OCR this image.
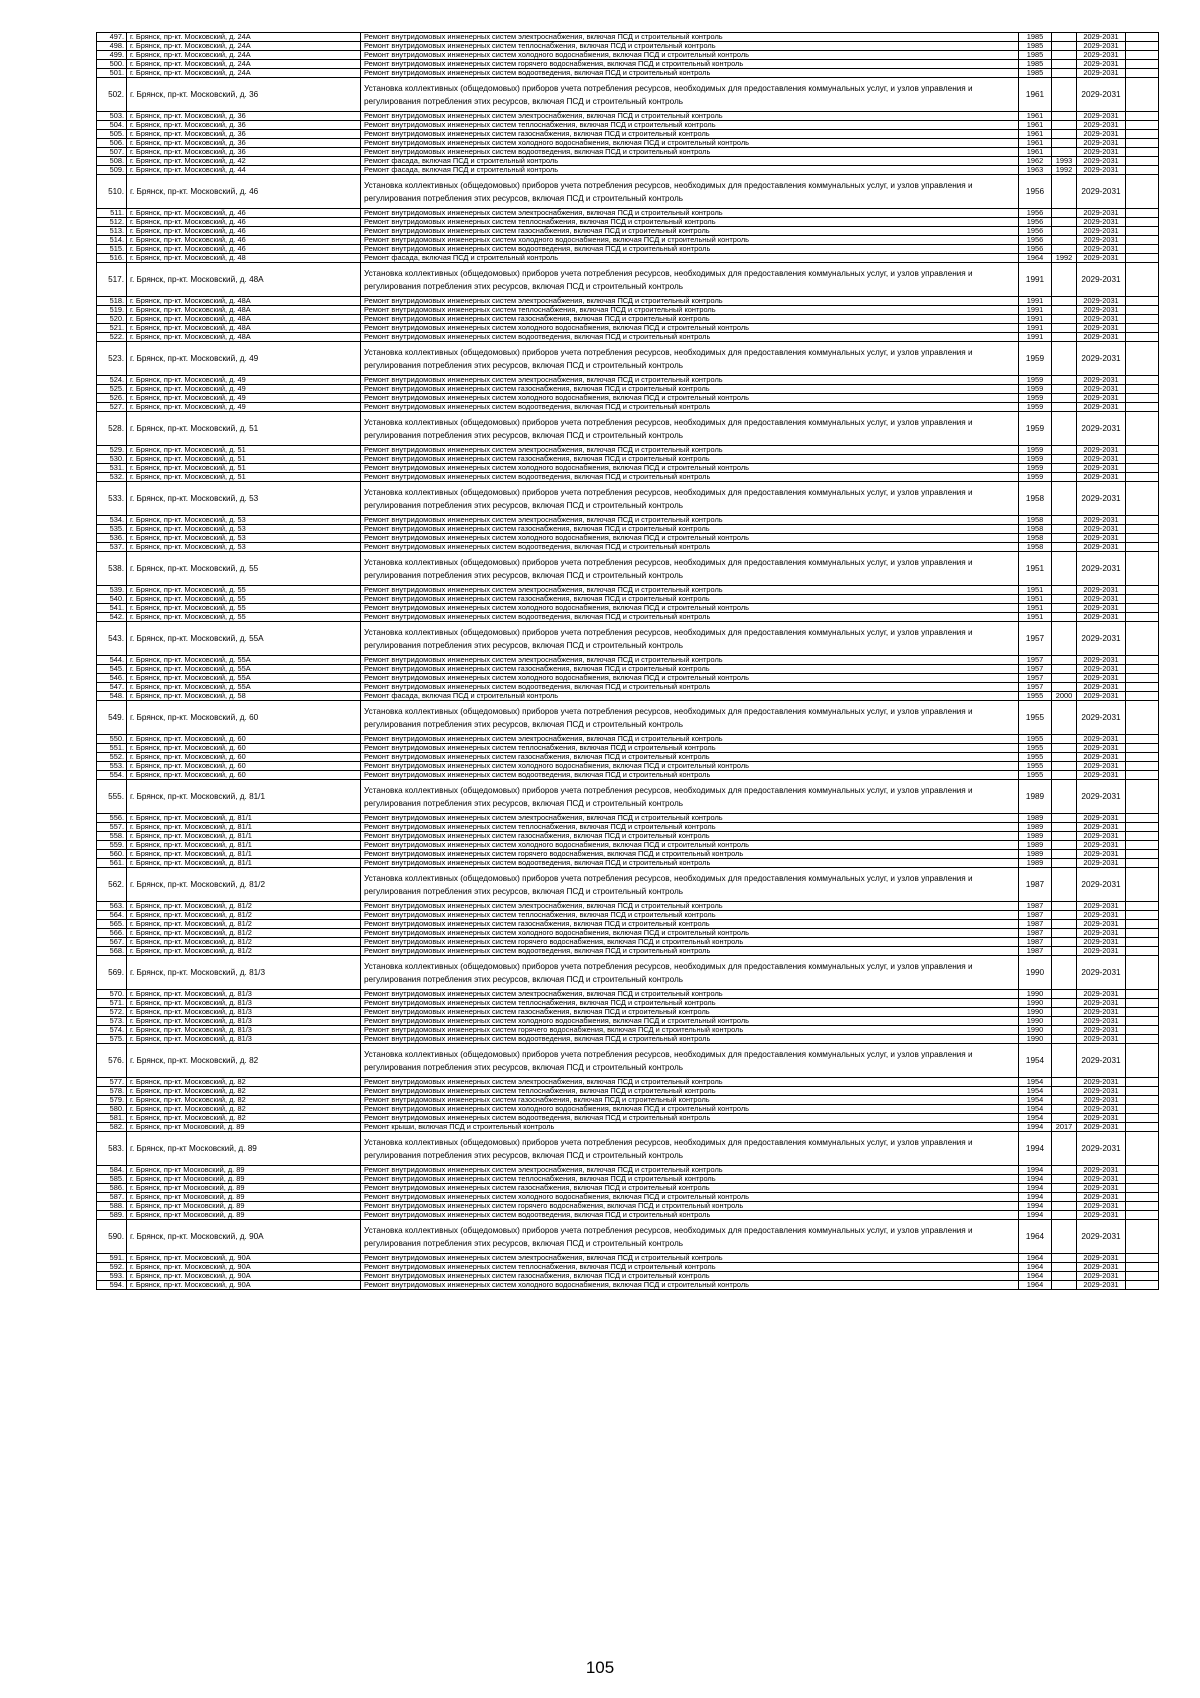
497.	г. Брянск, пр-кт. Московский, д. 24А	Ремонт внутридомовых инженерных систем электроснабжения, включая ПСД и строительный контроль	1985		2029-2031	
498.	г. Брянск, пр-кт. Московский, д. 24А	Ремонт внутридомовых инженерных систем теплоснабжения, включая ПСД и строительный контроль	1985		2029-2031	
499.	г. Брянск, пр-кт. Московский, д. 24А	Ремонт внутридомовых инженерных систем холодного водоснабжения, включая ПСД и строительный контроль	1985		2029-2031	
500.	г. Брянск, пр-кт. Московский, д. 24А	Ремонт внутридомовых инженерных систем горячего водоснабжения, включая ПСД и строительный контроль	1985		2029-2031	
501.	г. Брянск, пр-кт. Московский, д. 24А	Ремонт внутридомовых инженерных систем водоотведения, включая ПСД и строительный контроль	1985		2029-2031	
502.	г. Брянск, пр-кт. Московский, д. 36	Установка коллективных (общедомовых) приборов учета потребления ресурсов, необходимых для предоставления коммунальных услуг, и узлов управления и регулирования потребления этих ресурсов, включая ПСД и строительный контроль	1961		2029-2031	
503.	г. Брянск, пр-кт. Московский, д. 36	Ремонт внутридомовых инженерных систем электроснабжения, включая ПСД и строительный контроль	1961		2029-2031	
504.	г. Брянск, пр-кт. Московский, д. 36	Ремонт внутридомовых инженерных систем теплоснабжения, включая ПСД и строительный контроль	1961		2029-2031	
505.	г. Брянск, пр-кт. Московский, д. 36	Ремонт внутридомовых инженерных систем газоснабжения, включая ПСД и строительный контроль	1961		2029-2031	
506.	г. Брянск, пр-кт. Московский, д. 36	Ремонт внутридомовых инженерных систем холодного водоснабжения, включая ПСД и строительный контроль	1961		2029-2031	
507.	г. Брянск, пр-кт. Московский, д. 36	Ремонт внутридомовых инженерных систем водоотведения, включая ПСД и строительный контроль	1961		2029-2031	
508.	г. Брянск, пр-кт. Московский, д. 42	Ремонт фасада, включая ПСД и строительный контроль	1962	1993	2029-2031	
509.	г. Брянск, пр-кт. Московский, д. 44	Ремонт фасада, включая ПСД и строительный контроль	1963	1992	2029-2031	
510.	г. Брянск, пр-кт. Московский, д. 46	Установка коллективных (общедомовых) приборов учета потребления ресурсов, необходимых для предоставления коммунальных услуг, и узлов управления и регулирования потребления этих ресурсов, включая ПСД и строительный контроль	1956		2029-2031	
511.	г. Брянск, пр-кт. Московский, д. 46	Ремонт внутридомовых инженерных систем электроснабжения, включая ПСД и строительный контроль	1956		2029-2031	
512.	г. Брянск, пр-кт. Московский, д. 46	Ремонт внутридомовых инженерных систем теплоснабжения, включая ПСД и строительный контроль	1956		2029-2031	
513.	г. Брянск, пр-кт. Московский, д. 46	Ремонт внутридомовых инженерных систем газоснабжения, включая ПСД и строительный контроль	1956		2029-2031	
514.	г. Брянск, пр-кт. Московский, д. 46	Ремонт внутридомовых инженерных систем холодного водоснабжения, включая ПСД и строительный контроль	1956		2029-2031	
515.	г. Брянск, пр-кт. Московский, д. 46	Ремонт внутридомовых инженерных систем водоотведения, включая ПСД и строительный контроль	1956		2029-2031	
516.	г. Брянск, пр-кт. Московский, д. 48	Ремонт фасада, включая ПСД и строительный контроль	1964	1992	2029-2031	
517.	г. Брянск, пр-кт. Московский, д. 48А	Установка коллективных (общедомовых) приборов учета потребления ресурсов, необходимых для предоставления коммунальных услуг, и узлов управления и регулирования потребления этих ресурсов, включая ПСД и строительный контроль	1991		2029-2031	
518.	г. Брянск, пр-кт. Московский, д. 48А	Ремонт внутридомовых инженерных систем электроснабжения, включая ПСД и строительный контроль	1991		2029-2031	
519.	г. Брянск, пр-кт. Московский, д. 48А	Ремонт внутридомовых инженерных систем теплоснабжения, включая ПСД и строительный контроль	1991		2029-2031	
520.	г. Брянск, пр-кт. Московский, д. 48А	Ремонт внутридомовых инженерных систем газоснабжения, включая ПСД и строительный контроль	1991		2029-2031	
521.	г. Брянск, пр-кт. Московский, д. 48А	Ремонт внутридомовых инженерных систем холодного водоснабжения, включая ПСД и строительный контроль	1991		2029-2031	
522.	г. Брянск, пр-кт. Московский, д. 48А	Ремонт внутридомовых инженерных систем водоотведения, включая ПСД и строительный контроль	1991		2029-2031	
523.	г. Брянск, пр-кт. Московский, д. 49	Установка коллективных (общедомовых) приборов учета потребления ресурсов, необходимых для предоставления коммунальных услуг, и узлов управления и регулирования потребления этих ресурсов, включая ПСД и строительный контроль	1959		2029-2031	
524.	г. Брянск, пр-кт. Московский, д. 49	Ремонт внутридомовых инженерных систем электроснабжения, включая ПСД и строительный контроль	1959		2029-2031	
525.	г. Брянск, пр-кт. Московский, д. 49	Ремонт внутридомовых инженерных систем газоснабжения, включая ПСД и строительный контроль	1959		2029-2031	
526.	г. Брянск, пр-кт. Московский, д. 49	Ремонт внутридомовых инженерных систем холодного водоснабжения, включая ПСД и строительный контроль	1959		2029-2031	
527.	г. Брянск, пр-кт. Московский, д. 49	Ремонт внутридомовых инженерных систем водоотведения, включая ПСД и строительный контроль	1959		2029-2031	
528.	г. Брянск, пр-кт. Московский, д. 51	Установка коллективных (общедомовых) приборов учета потребления ресурсов, необходимых для предоставления коммунальных услуг, и узлов управления и регулирования потребления этих ресурсов, включая ПСД и строительный контроль	1959		2029-2031	
529.	г. Брянск, пр-кт. Московский, д. 51	Ремонт внутридомовых инженерных систем электроснабжения, включая ПСД и строительный контроль	1959		2029-2031	
530.	г. Брянск, пр-кт. Московский, д. 51	Ремонт внутридомовых инженерных систем газоснабжения, включая ПСД и строительный контроль	1959		2029-2031	
531.	г. Брянск, пр-кт. Московский, д. 51	Ремонт внутридомовых инженерных систем холодного водоснабжения, включая ПСД и строительный контроль	1959		2029-2031	
532.	г. Брянск, пр-кт. Московский, д. 51	Ремонт внутридомовых инженерных систем водоотведения, включая ПСД и строительный контроль	1959		2029-2031	
533.	г. Брянск, пр-кт. Московский, д. 53	Установка коллективных (общедомовых) приборов учета потребления ресурсов, необходимых для предоставления коммунальных услуг, и узлов управления и регулирования потребления этих ресурсов, включая ПСД и строительный контроль	1958		2029-2031	
534.	г. Брянск, пр-кт. Московский, д. 53	Ремонт внутридомовых инженерных систем электроснабжения, включая ПСД и строительный контроль	1958		2029-2031	
535.	г. Брянск, пр-кт. Московский, д. 53	Ремонт внутридомовых инженерных систем газоснабжения, включая ПСД и строительный контроль	1958		2029-2031	
536.	г. Брянск, пр-кт. Московский, д. 53	Ремонт внутридомовых инженерных систем холодного водоснабжения, включая ПСД и строительный контроль	1958		2029-2031	
537.	г. Брянск, пр-кт. Московский, д. 53	Ремонт внутридомовых инженерных систем водоотведения, включая ПСД и строительный контроль	1958		2029-2031	
538.	г. Брянск, пр-кт. Московский, д. 55	Установка коллективных (общедомовых) приборов учета потребления ресурсов, необходимых для предоставления коммунальных услуг, и узлов управления и регулирования потребления этих ресурсов, включая ПСД и строительный контроль	1951		2029-2031	
539.	г. Брянск, пр-кт. Московский, д. 55	Ремонт внутридомовых инженерных систем электроснабжения, включая ПСД и строительный контроль	1951		2029-2031	
540.	г. Брянск, пр-кт. Московский, д. 55	Ремонт внутридомовых инженерных систем газоснабжения, включая ПСД и строительный контроль	1951		2029-2031	
541.	г. Брянск, пр-кт. Московский, д. 55	Ремонт внутридомовых инженерных систем холодного водоснабжения, включая ПСД и строительный контроль	1951		2029-2031	
542.	г. Брянск, пр-кт. Московский, д. 55	Ремонт внутридомовых инженерных систем водоотведения, включая ПСД и строительный контроль	1951		2029-2031	
543.	г. Брянск, пр-кт. Московский, д. 55А	Установка коллективных (общедомовых) приборов учета потребления ресурсов, необходимых для предоставления коммунальных услуг, и узлов управления и регулирования потребления этих ресурсов, включая ПСД и строительный контроль	1957		2029-2031	
544.	г. Брянск, пр-кт. Московский, д. 55А	Ремонт внутридомовых инженерных систем электроснабжения, включая ПСД и строительный контроль	1957		2029-2031	
545.	г. Брянск, пр-кт. Московский, д. 55А	Ремонт внутридомовых инженерных систем газоснабжения, включая ПСД и строительный контроль	1957		2029-2031	
546.	г. Брянск, пр-кт. Московский, д. 55А	Ремонт внутридомовых инженерных систем холодного водоснабжения, включая ПСД и строительный контроль	1957		2029-2031	
547.	г. Брянск, пр-кт. Московский, д. 55А	Ремонт внутридомовых инженерных систем водоотведения, включая ПСД и строительный контроль	1957		2029-2031	
548.	г. Брянск, пр-кт. Московский, д. 58	Ремонт фасада, включая ПСД и строительный контроль	1955	2000	2029-2031	
549.	г. Брянск, пр-кт. Московский, д. 60	Установка коллективных (общедомовых) приборов учета потребления ресурсов, необходимых для предоставления коммунальных услуг, и узлов управления и регулирования потребления этих ресурсов, включая ПСД и строительный контроль	1955		2029-2031	
550.	г. Брянск, пр-кт. Московский, д. 60	Ремонт внутридомовых инженерных систем электроснабжения, включая ПСД и строительный контроль	1955		2029-2031	
551.	г. Брянск, пр-кт. Московский, д. 60	Ремонт внутридомовых инженерных систем теплоснабжения, включая ПСД и строительный контроль	1955		2029-2031	
552.	г. Брянск, пр-кт. Московский, д. 60	Ремонт внутридомовых инженерных систем газоснабжения, включая ПСД и строительный контроль	1955		2029-2031	
553.	г. Брянск, пр-кт. Московский, д. 60	Ремонт внутридомовых инженерных систем холодного водоснабжения, включая ПСД и строительный контроль	1955		2029-2031	
554.	г. Брянск, пр-кт. Московский, д. 60	Ремонт внутридомовых инженерных систем водоотведения, включая ПСД и строительный контроль	1955		2029-2031	
555.	г. Брянск, пр-кт. Московский, д. 81/1	Установка коллективных (общедомовых) приборов учета потребления ресурсов, необходимых для предоставления коммунальных услуг, и узлов управления и регулирования потребления этих ресурсов, включая ПСД и строительный контроль	1989		2029-2031	
556.	г. Брянск, пр-кт. Московский, д. 81/1	Ремонт внутридомовых инженерных систем электроснабжения, включая ПСД и строительный контроль	1989		2029-2031	
557.	г. Брянск, пр-кт. Московский, д. 81/1	Ремонт внутридомовых инженерных систем теплоснабжения, включая ПСД и строительный контроль	1989		2029-2031	
558.	г. Брянск, пр-кт. Московский, д. 81/1	Ремонт внутридомовых инженерных систем газоснабжения, включая ПСД и строительный контроль	1989		2029-2031	
559.	г. Брянск, пр-кт. Московский, д. 81/1	Ремонт внутридомовых инженерных систем холодного водоснабжения, включая ПСД и строительный контроль	1989		2029-2031	
560.	г. Брянск, пр-кт. Московский, д. 81/1	Ремонт внутридомовых инженерных систем горячего водоснабжения, включая ПСД и строительный контроль	1989		2029-2031	
561.	г. Брянск, пр-кт. Московский, д. 81/1	Ремонт внутридомовых инженерных систем водоотведения, включая ПСД и строительный контроль	1989		2029-2031	
562.	г. Брянск, пр-кт. Московский, д. 81/2	Установка коллективных (общедомовых) приборов учета потребления ресурсов, необходимых для предоставления коммунальных услуг, и узлов управления и регулирования потребления этих ресурсов, включая ПСД и строительный контроль	1987		2029-2031	
563.	г. Брянск, пр-кт. Московский, д. 81/2	Ремонт внутридомовых инженерных систем электроснабжения, включая ПСД и строительный контроль	1987		2029-2031	
564.	г. Брянск, пр-кт. Московский, д. 81/2	Ремонт внутридомовых инженерных систем теплоснабжения, включая ПСД и строительный контроль	1987		2029-2031	
565.	г. Брянск, пр-кт. Московский, д. 81/2	Ремонт внутридомовых инженерных систем газоснабжения, включая ПСД и строительный контроль	1987		2029-2031	
566.	г. Брянск, пр-кт. Московский, д. 81/2	Ремонт внутридомовых инженерных систем холодного водоснабжения, включая ПСД и строительный контроль	1987		2029-2031	
567.	г. Брянск, пр-кт. Московский, д. 81/2	Ремонт внутридомовых инженерных систем горячего водоснабжения, включая ПСД и строительный контроль	1987		2029-2031	
568.	г. Брянск, пр-кт. Московский, д. 81/2	Ремонт внутридомовых инженерных систем водоотведения, включая ПСД и строительный контроль	1987		2029-2031	
569.	г. Брянск, пр-кт. Московский, д. 81/3	Установка коллективных (общедомовых) приборов учета потребления ресурсов, необходимых для предоставления коммунальных услуг, и узлов управления и регулирования потребления этих ресурсов, включая ПСД и строительный контроль	1990		2029-2031	
570.	г. Брянск, пр-кт. Московский, д. 81/3	Ремонт внутридомовых инженерных систем электроснабжения, включая ПСД и строительный контроль	1990		2029-2031	
571.	г. Брянск, пр-кт. Московский, д. 81/3	Ремонт внутридомовых инженерных систем теплоснабжения, включая ПСД и строительный контроль	1990		2029-2031	
572.	г. Брянск, пр-кт. Московский, д. 81/3	Ремонт внутридомовых инженерных систем газоснабжения, включая ПСД и строительный контроль	1990		2029-2031	
573.	г. Брянск, пр-кт. Московский, д. 81/3	Ремонт внутридомовых инженерных систем холодного водоснабжения, включая ПСД и строительный контроль	1990		2029-2031	
574.	г. Брянск, пр-кт. Московский, д. 81/3	Ремонт внутридомовых инженерных систем горячего водоснабжения, включая ПСД и строительный контроль	1990		2029-2031	
575.	г. Брянск, пр-кт. Московский, д. 81/3	Ремонт внутридомовых инженерных систем водоотведения, включая ПСД и строительный контроль	1990		2029-2031	
576.	г. Брянск, пр-кт. Московский, д. 82	Установка коллективных (общедомовых) приборов учета потребления ресурсов, необходимых для предоставления коммунальных услуг, и узлов управления и регулирования потребления этих ресурсов, включая ПСД и строительный контроль	1954		2029-2031	
577.	г. Брянск, пр-кт. Московский, д. 82	Ремонт внутридомовых инженерных систем электроснабжения, включая ПСД и строительный контроль	1954		2029-2031	
578.	г. Брянск, пр-кт. Московский, д. 82	Ремонт внутридомовых инженерных систем теплоснабжения, включая ПСД и строительный контроль	1954		2029-2031	
579.	г. Брянск, пр-кт. Московский, д. 82	Ремонт внутридомовых инженерных систем газоснабжения, включая ПСД и строительный контроль	1954		2029-2031	
580.	г. Брянск, пр-кт. Московский, д. 82	Ремонт внутридомовых инженерных систем холодного водоснабжения, включая ПСД и строительный контроль	1954		2029-2031	
581.	г. Брянск, пр-кт. Московский, д. 82	Ремонт внутридомовых инженерных систем водоотведения, включая ПСД и строительный контроль	1954		2029-2031	
582.	г. Брянск, пр-кт Московский, д. 89	Ремонт крыши, включая ПСД и строительный контроль	1994	2017	2029-2031	
583.	г. Брянск, пр-кт Московский, д. 89	Установка коллективных (общедомовых) приборов учета потребления ресурсов, необходимых для предоставления коммунальных услуг, и узлов управления и регулирования потребления этих ресурсов, включая ПСД и строительный контроль	1994		2029-2031	
584.	г. Брянск, пр-кт Московский, д. 89	Ремонт внутридомовых инженерных систем электроснабжения, включая ПСД и строительный контроль	1994		2029-2031	
585.	г. Брянск, пр-кт Московский, д. 89	Ремонт внутридомовых инженерных систем теплоснабжения, включая ПСД и строительный контроль	1994		2029-2031	
586.	г. Брянск, пр-кт Московский, д. 89	Ремонт внутридомовых инженерных систем газоснабжения, включая ПСД и строительный контроль	1994		2029-2031	
587.	г. Брянск, пр-кт Московский, д. 89	Ремонт внутридомовых инженерных систем холодного водоснабжения, включая ПСД и строительный контроль	1994		2029-2031	
588.	г. Брянск, пр-кт Московский, д. 89	Ремонт внутридомовых инженерных систем горячего водоснабжения, включая ПСД и строительный контроль	1994		2029-2031	
589.	г. Брянск, пр-кт Московский, д. 89	Ремонт внутридомовых инженерных систем водоотведения, включая ПСД и строительный контроль	1994		2029-2031	
590.	г. Брянск, пр-кт. Московский, д. 90А	Установка коллективных (общедомовых) приборов учета потребления ресурсов, необходимых для предоставления коммунальных услуг, и узлов управления и регулирования потребления этих ресурсов, включая ПСД и строительный контроль	1964		2029-2031	
591.	г. Брянск, пр-кт. Московский, д. 90А	Ремонт внутридомовых инженерных систем электроснабжения, включая ПСД и строительный контроль	1964		2029-2031	
592.	г. Брянск, пр-кт. Московский, д. 90А	Ремонт внутридомовых инженерных систем теплоснабжения, включая ПСД и строительный контроль	1964		2029-2031	
593.	г. Брянск, пр-кт. Московский, д. 90А	Ремонт внутридомовых инженерных систем газоснабжения, включая ПСД и строительный контроль	1964		2029-2031	
594.	г. Брянск, пр-кт. Московский, д. 90А	Ремонт внутридомовых инженерных систем холодного водоснабжения, включая ПСД и строительный контроль	1964		2029-2031	
105
